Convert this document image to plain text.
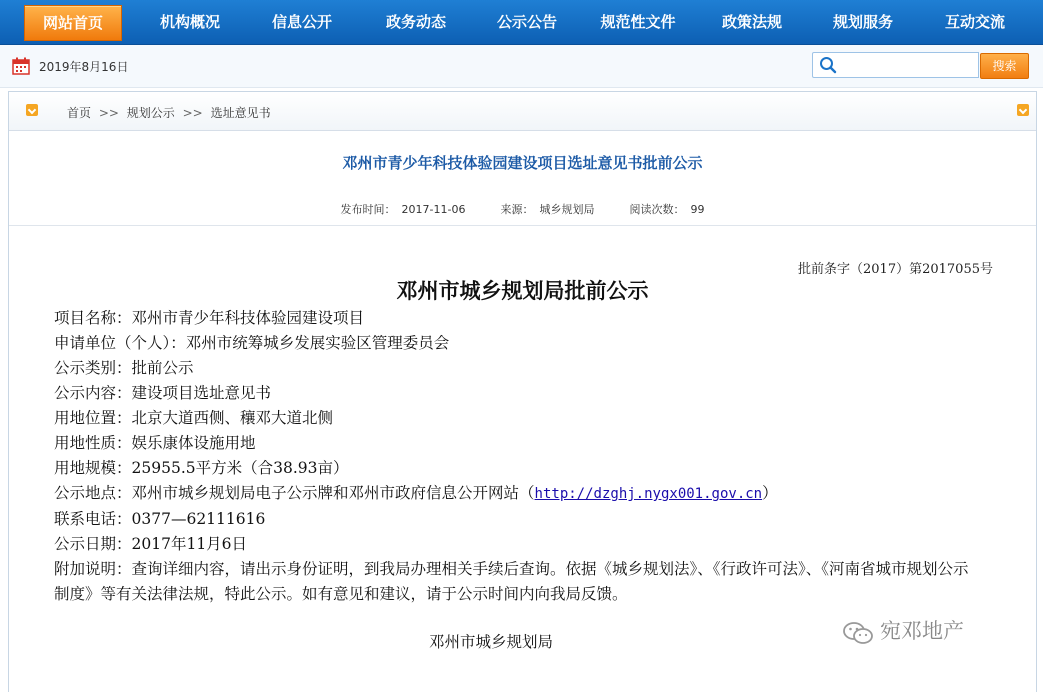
网站首页	机构概况	信息公开	政务动态	公示公告	规范性文件	政策法规	规划服务	互动交流
2019年8月16日	搜索
首页 >> 规划公示 >> 选址意见书
邓州市青少年科技体验园建设项目选址意见书批前公示
发布时间： 2017-11-06	来源： 城乡规划局	阅读次数： 99
批前条字（2017）第2017055号
邓州市城乡规划局批前公示
项目名称：邓州市青少年科技体验园建设项目
申请单位（个人）：邓州市统筹城乡发展实验区管理委员会
公示类别：批前公示
公示内容：建设项目选址意见书
用地位置：北京大道西侧、穰邓大道北侧
用地性质：娱乐康体设施用地
用地规模：25955.5平方米（合38.93亩）
公示地点：邓州市城乡规划局电子公示牌和邓州市政府信息公开网站（http://dzghj.nygx001.gov.cn）
联系电话：0377—62111616
公示日期：2017年11月6日
附加说明：查询详细内容，请出示身份证明，到我局办理相关手续后查询。依据《城乡规划法》、《行政许可法》、《河南省城市规划公示制度》等有关法律法规，特此公示。如有意见和建议，请于公示时间内向我局反馈。
邓州市城乡规划局	宛邓地产
